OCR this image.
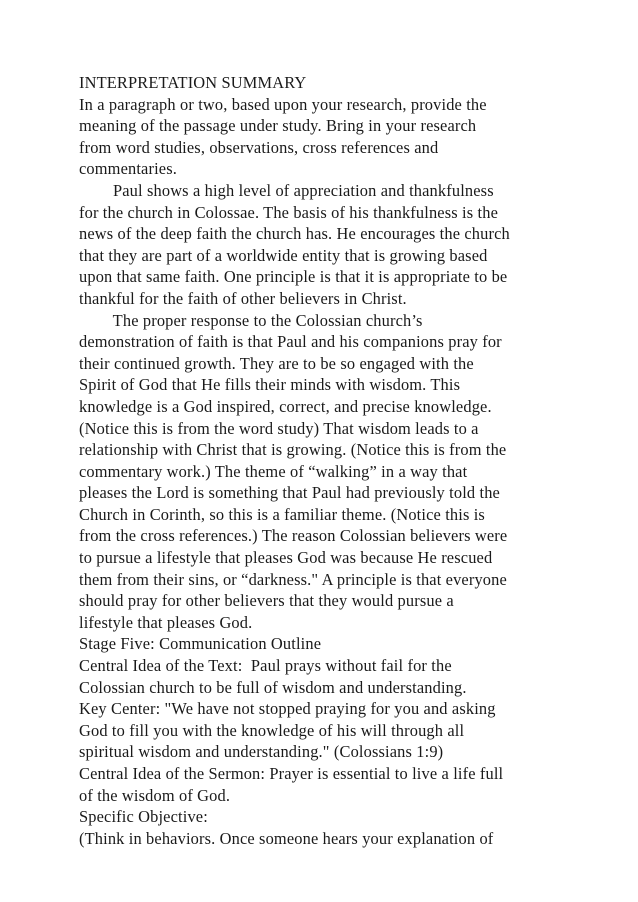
INTERPRETATION SUMMARY
In a paragraph or two, based upon your research, provide the
meaning of the passage under study. Bring in your research
from word studies, observations, cross references and
commentaries.
Paul shows a high level of appreciation and thankfulness
for the church in Colossae. The basis of his thankfulness is the
news of the deep faith the church has. He encourages the church
that they are part of a worldwide entity that is growing based
upon that same faith. One principle is that it is appropriate to be
thankful for the faith of other believers in Christ.
The proper response to the Colossian church’s
demonstration of faith is that Paul and his companions pray for
their continued growth. They are to be so engaged with the
Spirit of God that He fills their minds with wisdom. This
knowledge is a God inspired, correct, and precise knowledge.
(Notice this is from the word study) That wisdom leads to a
relationship with Christ that is growing. (Notice this is from the
commentary work.) The theme of “walking” in a way that
pleases the Lord is something that Paul had previously told the
Church in Corinth, so this is a familiar theme. (Notice this is
from the cross references.) The reason Colossian believers were
to pursue a lifestyle that pleases God was because He rescued
them from their sins, or “darkness." A principle is that everyone
should pray for other believers that they would pursue a
lifestyle that pleases God.
Stage Five: Communication Outline
Central Idea of the Text:  Paul prays without fail for the
Colossian church to be full of wisdom and understanding.
Key Center: "We have not stopped praying for you and asking
God to fill you with the knowledge of his will through all
spiritual wisdom and understanding." (Colossians 1:9)
Central Idea of the Sermon: Prayer is essential to live a life full
of the wisdom of God.
Specific Objective:
(Think in behaviors. Once someone hears your explanation of
